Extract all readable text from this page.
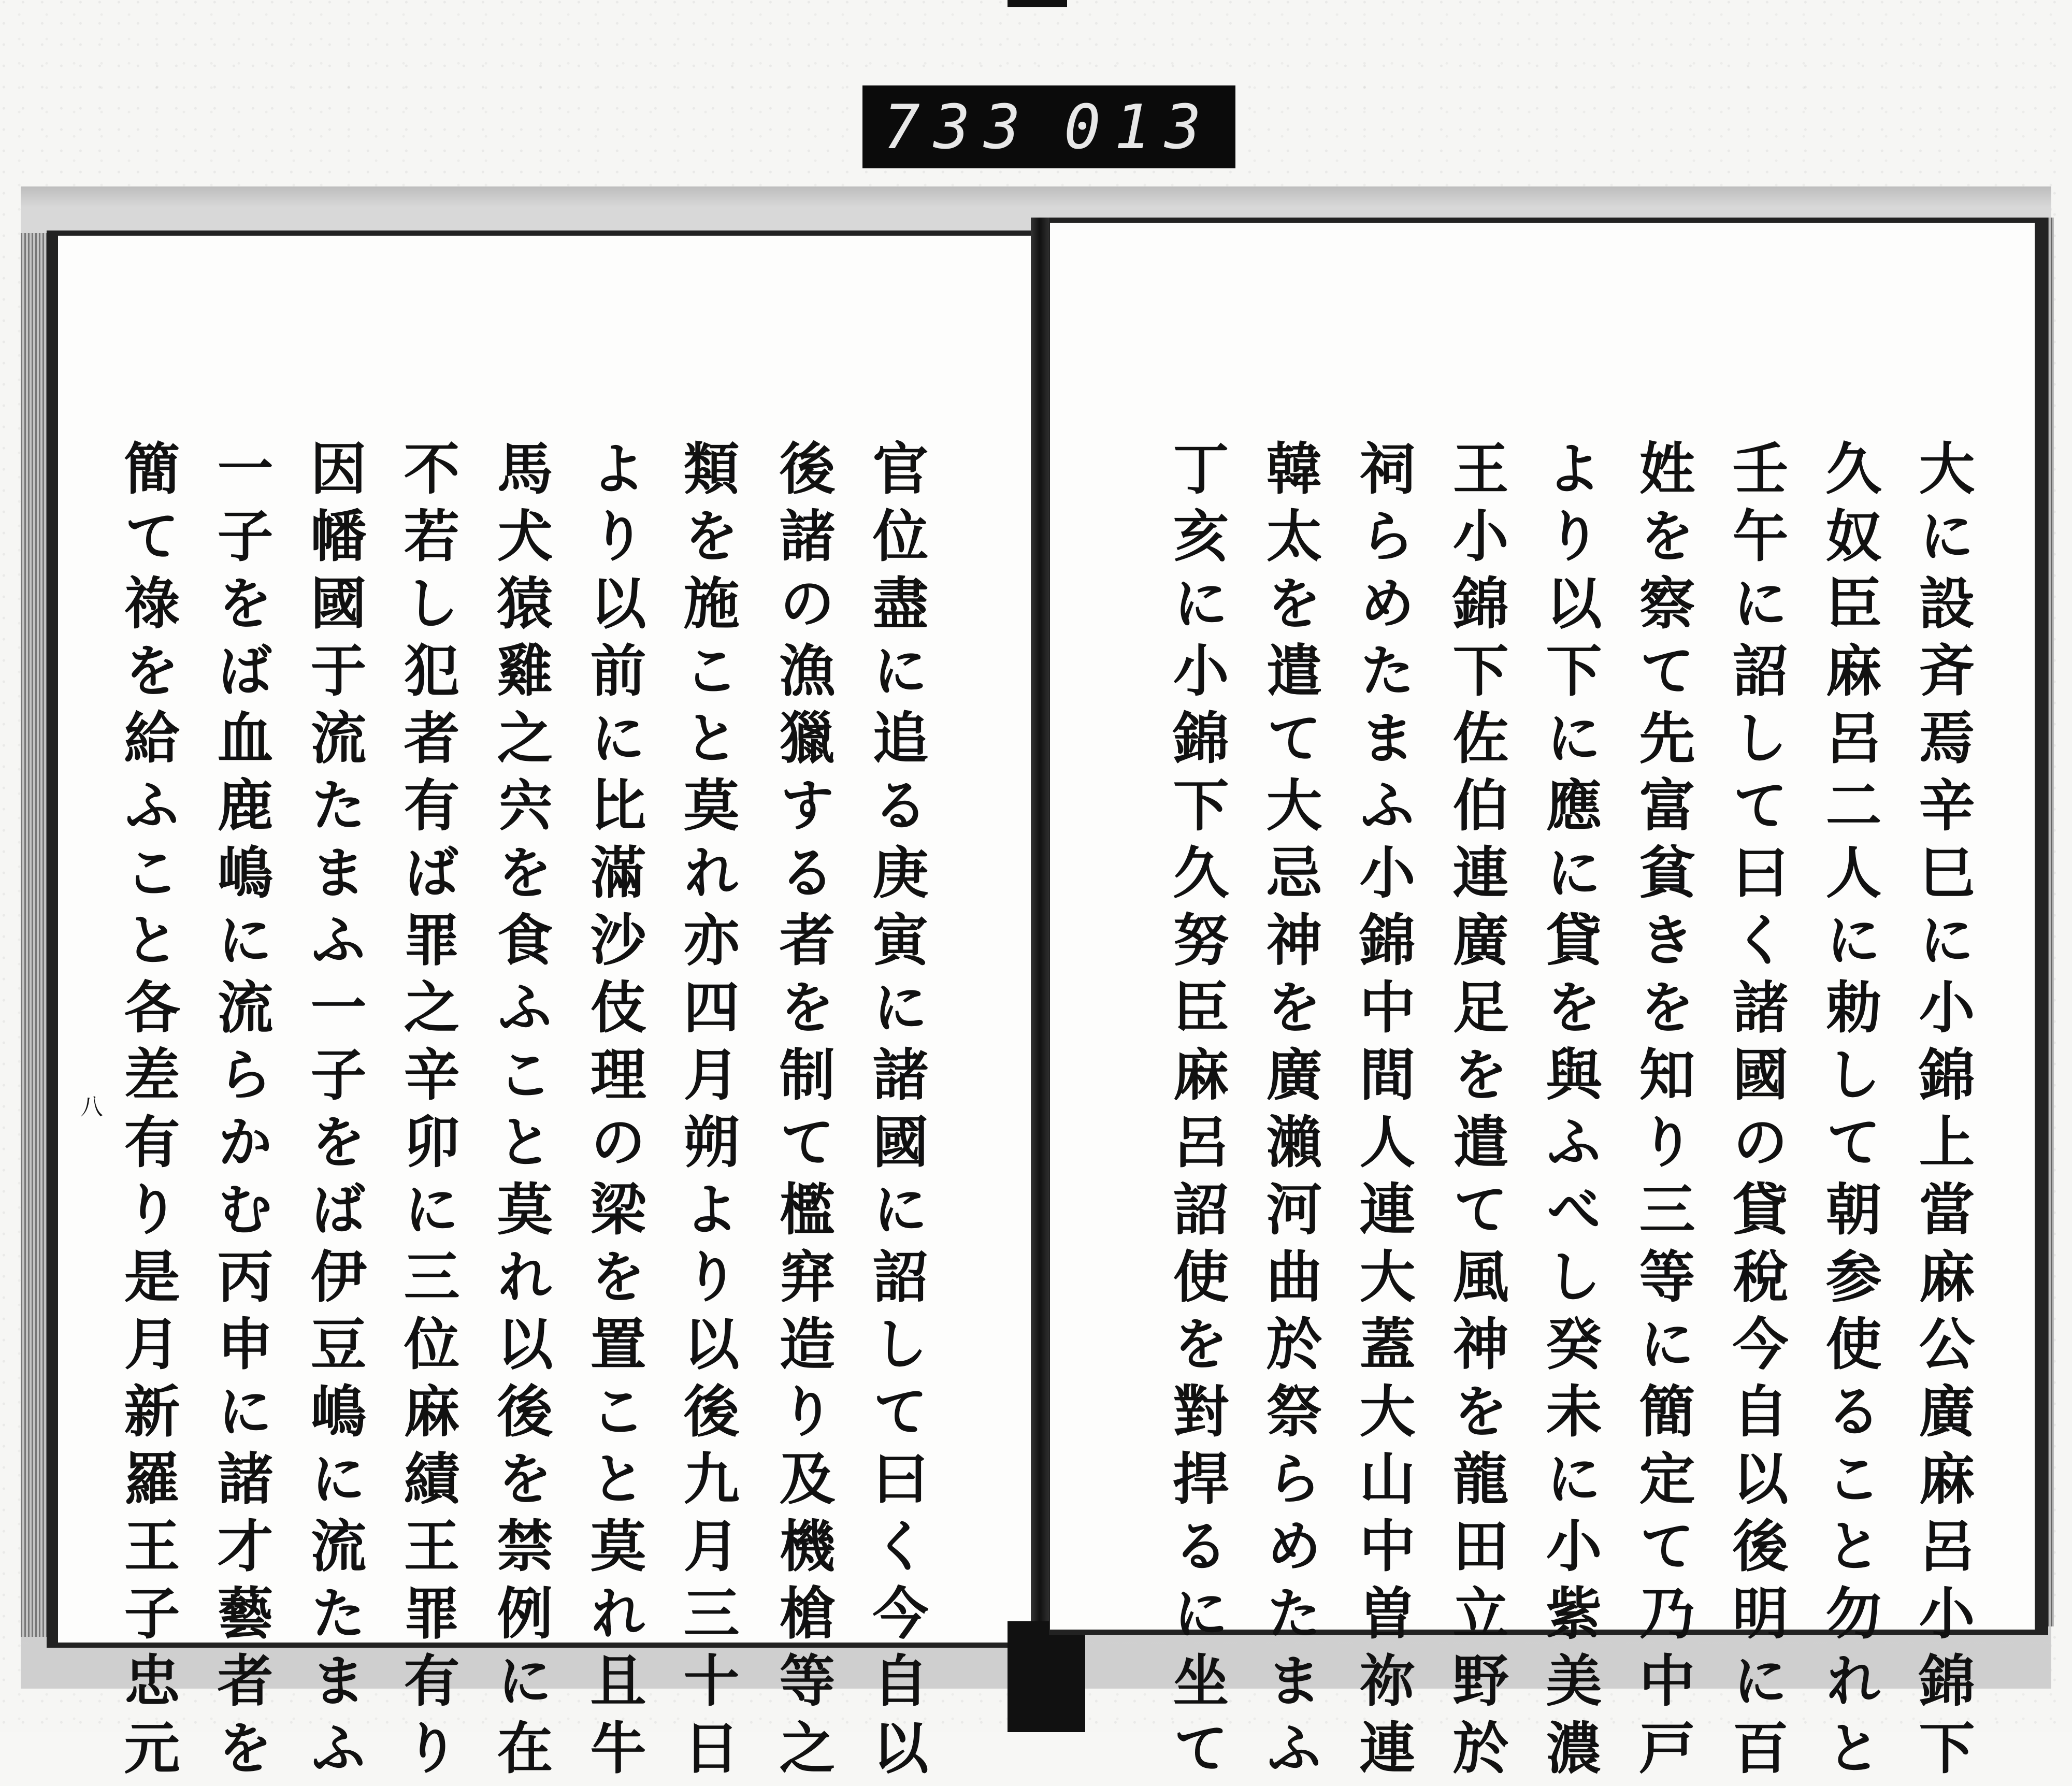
733 013
官位盡に追る庚寅に諸國に詔して曰く今自以
後諸の漁獵する者を制て檻穽造り及機槍等之
類を施こと莫れ亦四月朔より以後九月三十日
より以前に比滿沙伎理の梁を置こと莫れ且牛
馬犬猿雞之宍を食ふこと莫れ以後を禁例に在
不若し犯者有ば罪之辛卯に三位麻績王罪有り
因幡國于流たまふ一子をば伊豆嶋に流たまふ
一子をば血鹿嶋に流らかむ丙申に諸才藝者を
簡て祿を給ふこと各差有り是月新羅王子忠元
八	大に設斉焉辛巳に小錦上當麻公廣麻呂小錦下
久奴臣麻呂二人に勅して朝参使ること勿れと
壬午に詔して曰く諸國の貸稅今自以後明に百
姓を察て先富貧きを知り三等に簡定て乃中戸
より以下に應に貸を與ふべし癸未に小紫美濃
王小錦下佐伯連廣足を遣て風神を龍田立野於
祠らめたまふ小錦中間人連大蓋大山中曽祢連
韓太を遣て大忌神を廣瀨河曲於祭らめたまふ
丁亥に小錦下久努臣麻呂詔使を對捍るに坐て
